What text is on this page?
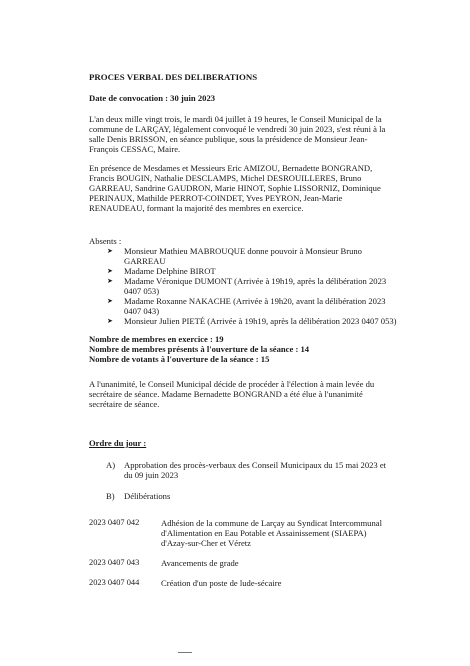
PROCES VERBAL DES DELIBERATIONS
Date de convocation : 30 juin 2023
L'an deux mille vingt trois, le mardi 04 juillet à 19 heures, le Conseil Municipal de la
commune de LARÇAY, légalement convoqué le vendredi 30 juin 2023, s'est réuni à la
salle Denis BRISSON, en séance publique, sous la présidence de Monsieur Jean-
François CESSAC, Maire.
En présence de Mesdames et Messieurs Eric AMIZOU, Bernadette BONGRAND,
Francis BOUGIN, Nathalie DESCLAMPS, Michel DESROUILLERES, Bruno
GARREAU, Sandrine GAUDRON, Marie HINOT, Sophie LISSORNIZ, Dominique
PERINAUX, Mathilde PERROT-COINDET, Yves PEYRON, Jean-Marie
RENAUDEAU, formant la majorité des membres en exercice.
Absents :
➤ Monsieur Mathieu MABROUQUE donne pouvoir à Monsieur Bruno
GARREAU
➤ Madame Delphine BIROT
➤ Madame Véronique DUMONT (Arrivée à 19h19, après la délibération 2023
0407 053)
➤ Madame Roxanne NAKACHE (Arrivée à 19h20, avant la délibération 2023
0407 043)
➤ Monsieur Julien PIETÉ (Arrivée à 19h19, après la délibération 2023 0407 053)
Nombre de membres en exercice : 19
Nombre de membres présents à l'ouverture de la séance : 14
Nombre de votants à l'ouverture de la séance : 15
A l'unanimité, le Conseil Municipal décide de procéder à l'élection à main levée du
secrétaire de séance. Madame Bernadette BONGRAND a été élue à l'unanimité
secrétaire de séance.
Ordre du jour :
A) Approbation des procès-verbaux des Conseil Municipaux du 15 mai 2023 et
du 09 juin 2023
B) Délibérations
2023 0407 042	Adhésion de la commune de Larçay au Syndicat Intercommunal
d'Alimentation en Eau Potable et Assainissement (SIAEPA)
d'Azay-sur-Cher et Véretz
2023 0407 043	Avancements de grade
2023 0407 044	Création d'un poste de lude-sécaire
